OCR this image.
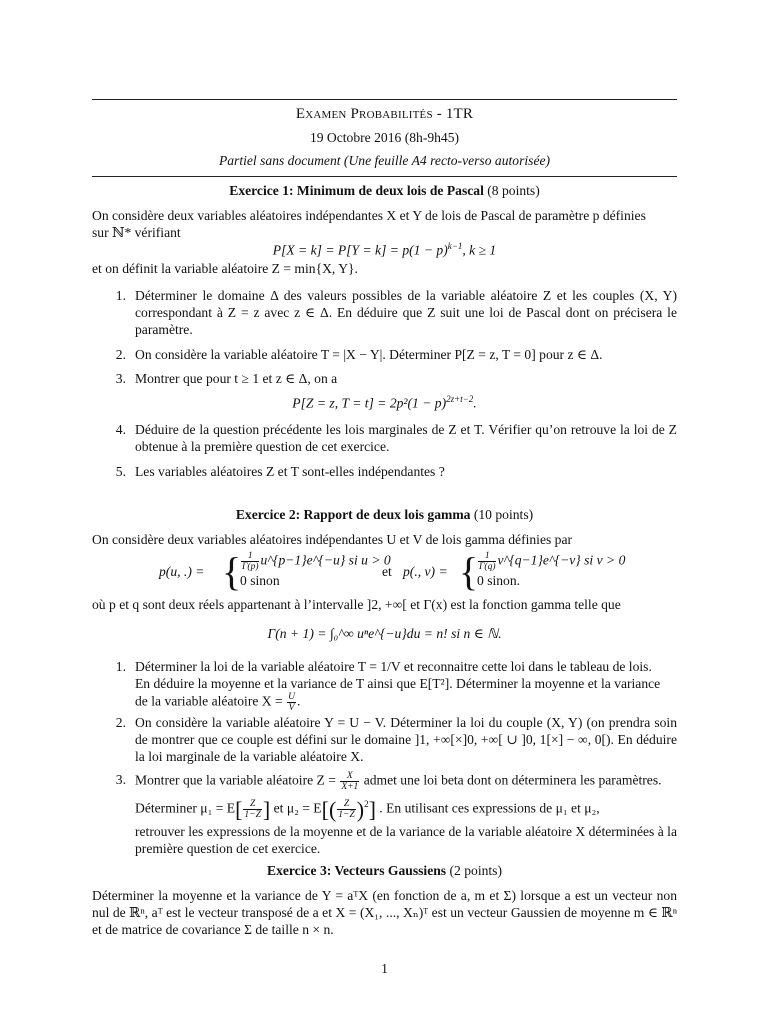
Examen Probabilités - 1TR
19 Octobre 2016 (8h-9h45)
Partiel sans document (Une feuille A4 recto-verso autorisée)
Exercice 1: Minimum de deux lois de Pascal (8 points)
On considère deux variables aléatoires indépendantes X et Y de lois de Pascal de paramètre p définies
sur ℕ* vérifiant
$P[X = k] = P[Y = k] = p(1 - p)^{k-1}$, k ≥ 1
et on définit la variable aléatoire Z = min{X, Y}.
1. Déterminer le domaine Δ des valeurs possibles de la variable aléatoire Z et les couples (X, Y) correspondant à Z = z avec z ∈ Δ. En déduire que Z suit une loi de Pascal dont on précisera le paramètre.
2. On considère la variable aléatoire T = |X − Y|. Déterminer P[Z = z, T = 0] pour z ∈ Δ.
3. Montrer que pour t ≥ 1 et z ∈ Δ, on a
P[Z = z, $T = t] = 2p^2(1 - p)^{2z+t-2}$.
4. Déduire de la question précédente les lois marginales de Z et T. Vérifier qu’on retrouve la loi de Z obtenue à la première question de cet exercice.
5. Les variables aléatoires Z et T sont-elles indépendantes ?
Exercice 2: Rapport de deux lois gamma (10 points)
On considère deux variables aléatoires indépendantes U et V de lois gamma définies par
p(u, .) = { $\frac{1}{\Gamma(p)}$ u^{p−1}e^{−u} si u > 0
0 sinon
et p(., v) = { $\frac{1}{\Gamma(q)}$ v^{q−1}e^{−v} si v > 0
0 sinon.
où p et q sont deux réels appartenant à l’intervalle ]2, +∞[ et Γ(x) est la fonction gamma telle que
Γ(n + 1) = ∫₀^∞ uⁿe^{−u}du = n! si n ∈ ℕ.
1. Déterminer la loi de la variable aléatoire T = 1/V et reconnaitre cette loi dans le tableau de lois.
En déduire la moyenne et la variance de T ainsi que E[T²]. Déterminer la moyenne et la variance
de la variable aléatoire $X = \frac{U}{V}$ .
2. On considère la variable aléatoire Y = U − V. Déterminer la loi du couple (X, Y) (on prendra soin de montrer que ce couple est défini sur le domaine ]1, +∞[×]0, +∞[ ∪ ]0, 1[×] − ∞, 0[). En déduire la loi marginale de la variable aléatoire X.
3. Montrer que la variable aléatoire $Z = \frac{X}{X+1}$ admet une loi beta dont on déterminera les paramètres.
Déterminer $\mu_1 = E[ \frac{Z}{1-Z}$ ] et $\mu_2 = E[( \frac{Z}{1-Z} )^2]$ . En utilisant ces expressions de μ₁ et μ₂,
retrouver les expressions de la moyenne et de la variance de la variable aléatoire X déterminées à la première question de cet exercice.
Exercice 3: Vecteurs Gaussiens (2 points)
Déterminer la moyenne et la variance de Y = aᵀX (en fonction de a, m et Σ) lorsque a est un vecteur non nul de ℝⁿ, aᵀ est le vecteur transposé de a et X = (X₁, ..., Xₙ)ᵀ est un vecteur Gaussien de moyenne m ∈ ℝⁿ et de matrice de covariance Σ de taille n × n.
1
